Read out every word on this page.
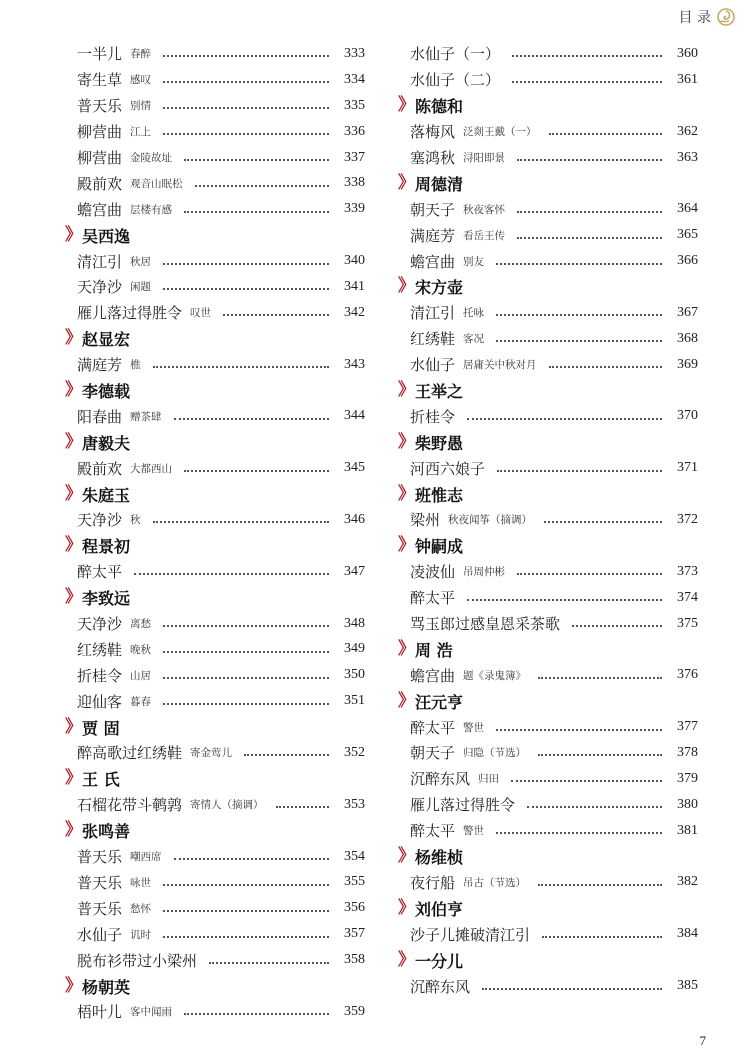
目 录
一半儿 春醉	333
寄生草 感叹	334
普天乐 别情	335
柳营曲 江上	336
柳营曲 金陵故址	337
殿前欢 观音山眠松	338
蟾宫曲 层楼有感	339
》 吴西逸
清江引 秋居	340
天净沙 闲题	341
雁儿落过得胜令 叹世	342
》 赵显宏
满庭芳 樵	343
》 李德载
阳春曲 赠茶肆	344
》 唐毅夫
殿前欢 大都西山	345
》 朱庭玉
天净沙 秋	346
》 程景初
醉太平	347
》 李致远
天净沙 离愁	348
红绣鞋 晚秋	349
折桂令 山居	350
迎仙客 暮春	351
》 贾 固
醉高歌过红绣鞋 寄金莺儿	352
》 王 氏
石榴花带斗鹌鹑 寄情人（摘调）	353
》 张鸣善
普天乐 嘲西席	354
普天乐 咏世	355
普天乐 愁怀	356
水仙子 讥时	357
脱布衫带过小梁州	358
》 杨朝英
梧叶儿 客中闻雨	359
水仙子（一）	360
水仙子（二）	361
》 陈德和
落梅风 泛剡王戴（一）	362
塞鸿秋 浔阳即景	363
》 周德清
朝天子 秋夜客怀	364
满庭芳 看岳王传	365
蟾宫曲 别友	366
》 宋方壶
清江引 托咏	367
红绣鞋 客况	368
水仙子 居庸关中秋对月	369
》 王举之
折桂令	370
》 柴野愚
河西六娘子	371
》 班惟志
梁州 秋夜闻筝（摘调）	372
》 钟嗣成
凌波仙 吊周仲彬	373
醉太平	374
骂玉郎过感皇恩采茶歌	375
》 周 浩
蟾宫曲 题《录鬼簿》	376
》 汪元亨
醉太平 警世	377
朝天子 归隐（节选）	378
沉醉东风 归田	379
雁儿落过得胜令	380
醉太平 警世	381
》 杨维桢
夜行船 吊古（节选）	382
》 刘伯亨
沙子儿摊破清江引	384
》 一分儿
沉醉东风	385
7
